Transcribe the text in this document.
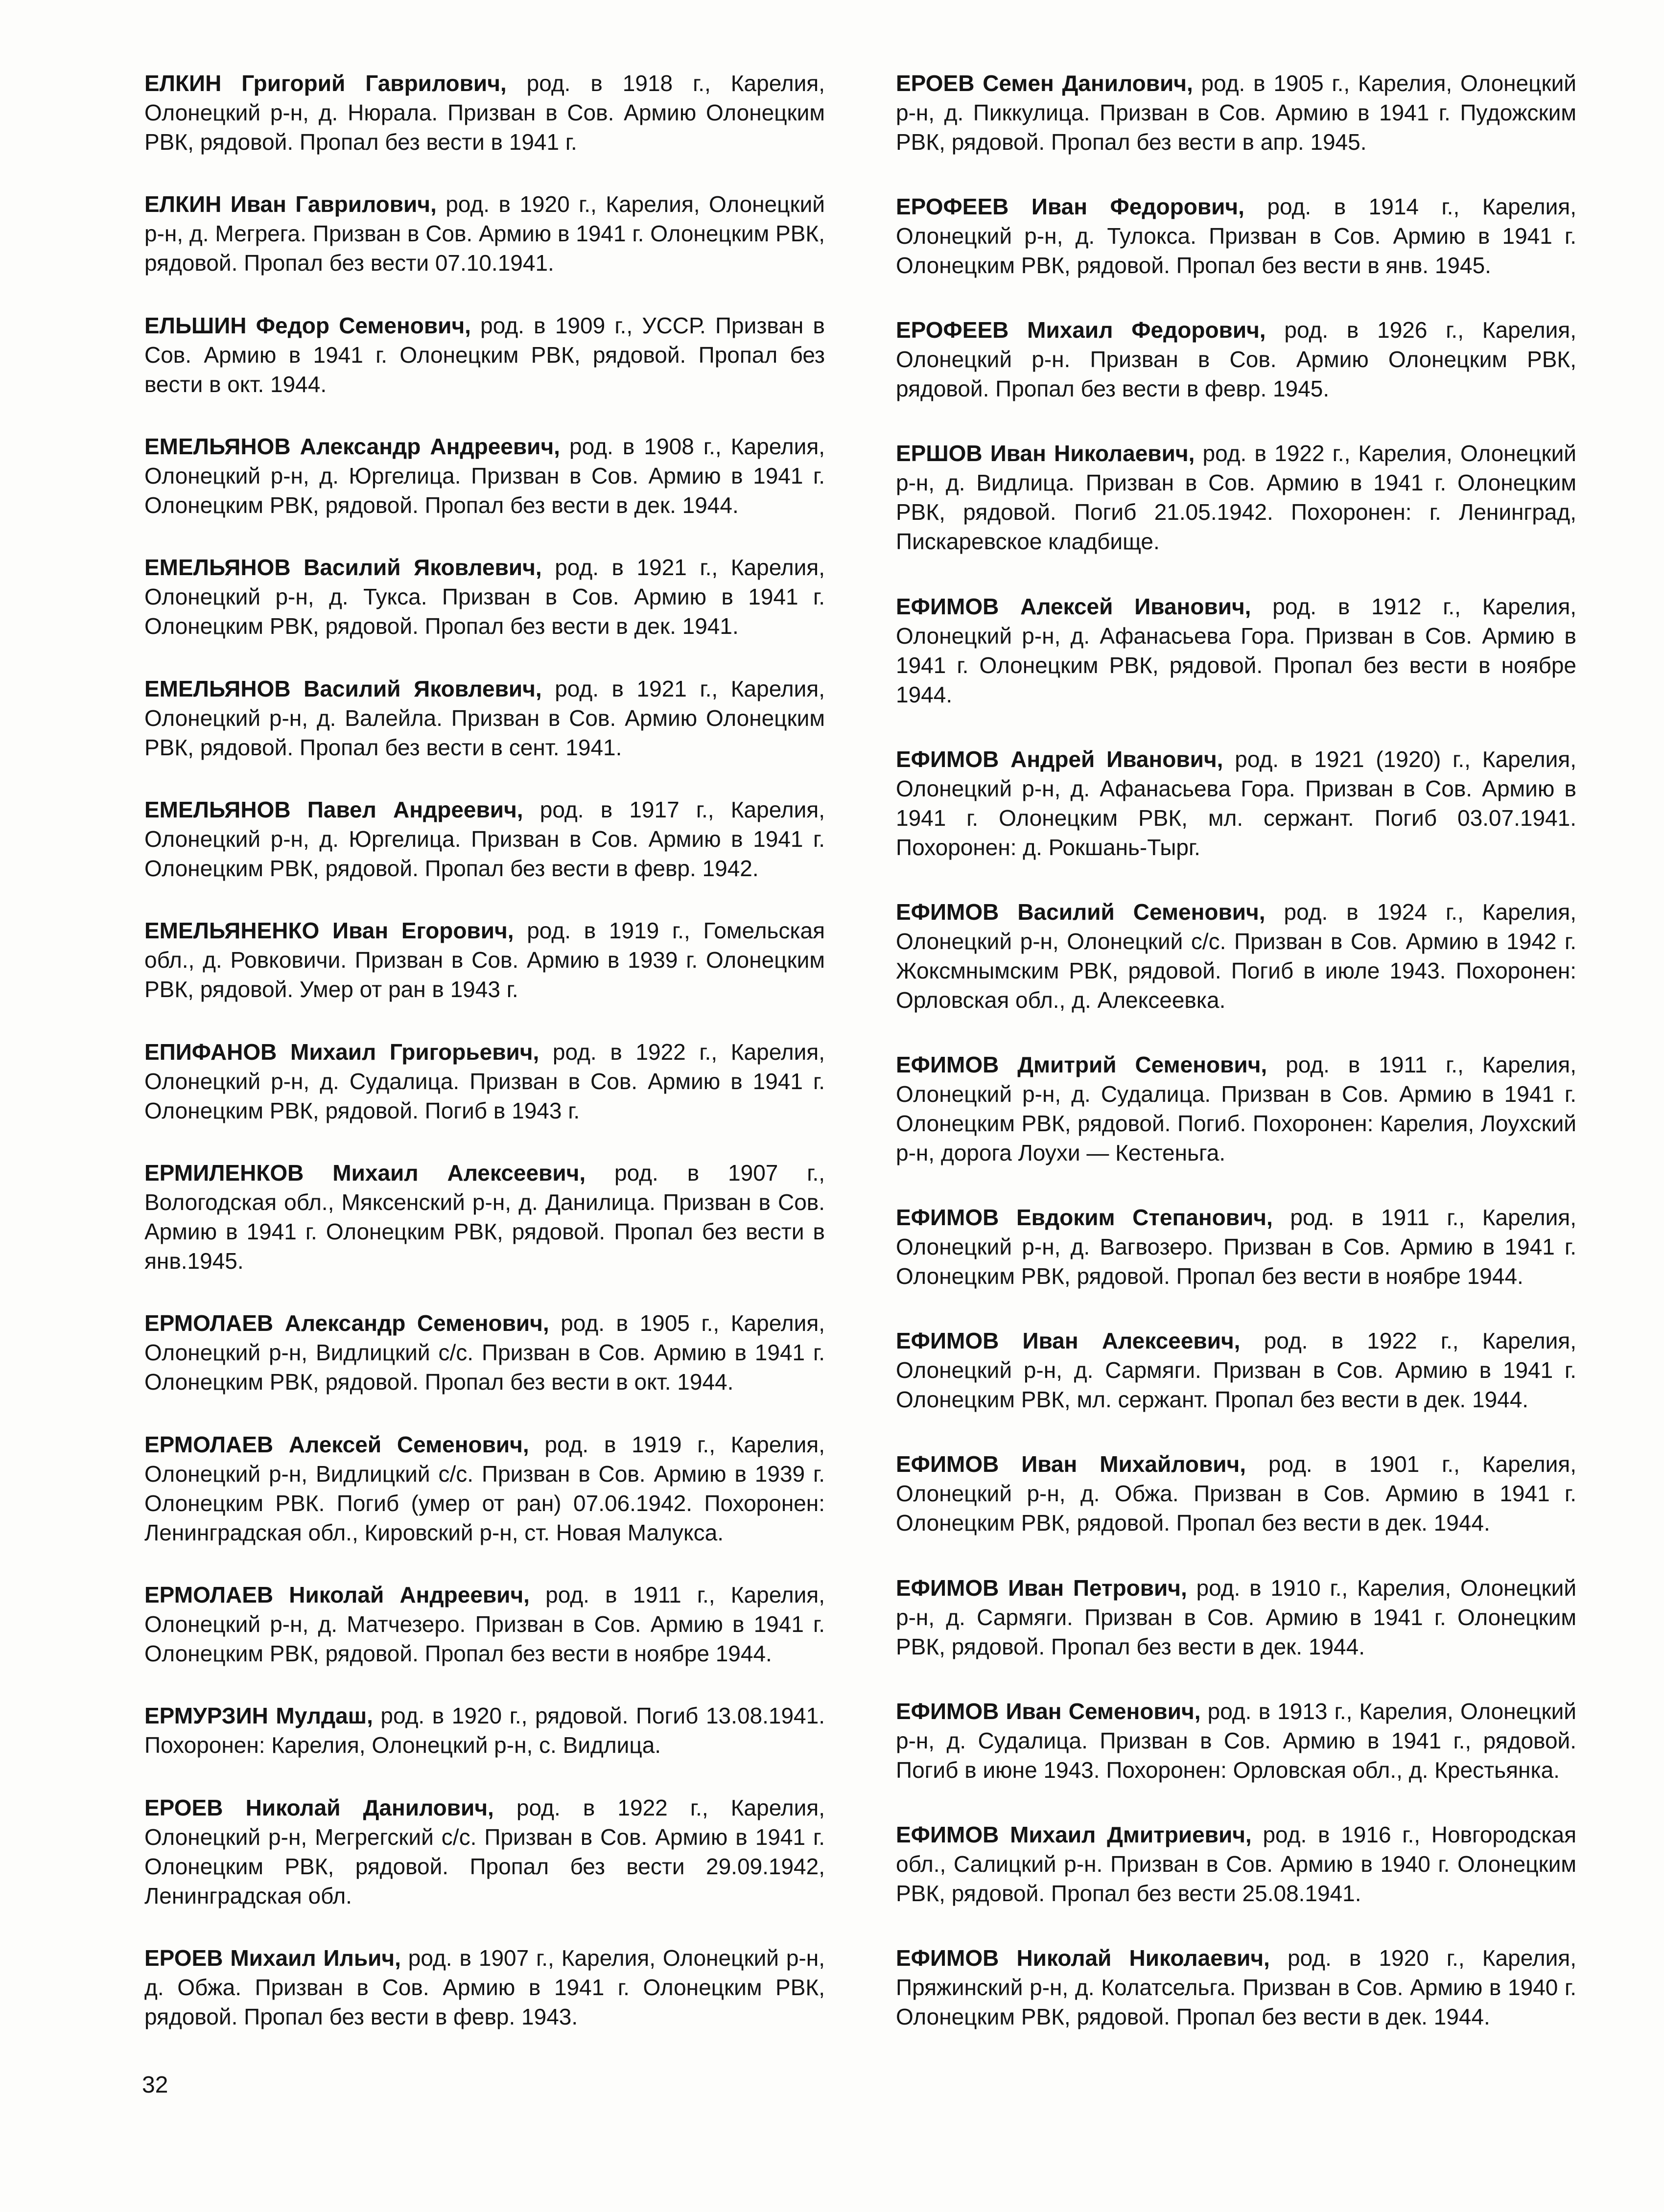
ЕЛКИН Григорий Гаврилович, род. в 1918 г., Карелия, Олонецкий р-н, д. Нюрала. Призван в Сов. Армию Олонецким РВК, рядовой. Пропал без вести в 1941 г.

ЕЛКИН Иван Гаврилович, род. в 1920 г., Карелия, Олонецкий р-н, д. Мегрега. Призван в Сов. Армию в 1941 г. Олонецким РВК, рядовой. Пропал без вести 07.10.1941.

ЕЛЬШИН Федор Семенович, род. в 1909 г., УССР. Призван в Сов. Армию в 1941 г. Олонецким РВК, рядовой. Пропал без вести в окт. 1944.

ЕМЕЛЬЯНОВ Александр Андреевич, род. в 1908 г., Карелия, Олонецкий р-н, д. Юргелица. Призван в Сов. Армию в 1941 г. Олонецким РВК, рядовой. Пропал без вести в дек. 1944.

ЕМЕЛЬЯНОВ Василий Яковлевич, род. в 1921 г., Карелия, Олонецкий р-н, д. Тукса. Призван в Сов. Армию в 1941 г. Олонецким РВК, рядовой. Пропал без вести в дек. 1941.

ЕМЕЛЬЯНОВ Василий Яковлевич, род. в 1921 г., Карелия, Олонецкий р-н, д. Валейла. Призван в Сов. Армию Олонецким РВК, рядовой. Пропал без вести в сент. 1941.

ЕМЕЛЬЯНОВ Павел Андреевич, род. в 1917 г., Карелия, Олонецкий р-н, д. Юргелица. Призван в Сов. Армию в 1941 г. Олонецким РВК, рядовой. Пропал без вести в февр. 1942.

ЕМЕЛЬЯНЕНКО Иван Егорович, род. в 1919 г., Гомельская обл., д. Ровковичи. Призван в Сов. Армию в 1939 г. Олонецким РВК, рядовой. Умер от ран в 1943 г.

ЕПИФАНОВ Михаил Григорьевич, род. в 1922 г., Карелия, Олонецкий р-н, д. Судалица. Призван в Сов. Армию в 1941 г. Олонецким РВК, рядовой. Погиб в 1943 г.

ЕРМИЛЕНКОВ Михаил Алексеевич, род. в 1907 г., Вологодская обл., Мяксенский р-н, д. Данилица. Призван в Сов. Армию в 1941 г. Олонецким РВК, рядовой. Пропал без вести в янв.1945.

ЕРМОЛАЕВ Александр Семенович, род. в 1905 г., Карелия, Олонецкий р-н, Видлицкий с/с. Призван в Сов. Армию в 1941 г. Олонецким РВК, рядовой. Пропал без вести в окт. 1944.

ЕРМОЛАЕВ Алексей Семенович, род. в 1919 г., Карелия, Олонецкий р-н, Видлицкий с/с. Призван в Сов. Армию в 1939 г. Олонецким РВК. Погиб (умер от ран) 07.06.1942. Похоронен: Ленинградская обл., Кировский р-н, ст. Новая Малукса.

ЕРМОЛАЕВ Николай Андреевич, род. в 1911 г., Карелия, Олонецкий р-н, д. Матчезеро. Призван в Сов. Армию в 1941 г. Олонецким РВК, рядовой. Пропал без вести в ноябре 1944.

ЕРМУРЗИН Мулдаш, род. в 1920 г., рядовой. Погиб 13.08.1941. Похоронен: Карелия, Олонецкий р-н, с. Видлица.

ЕРОЕВ Николай Данилович, род. в 1922 г., Карелия, Олонецкий р-н, Мегрегский с/с. Призван в Сов. Армию в 1941 г. Олонецким РВК, рядовой. Пропал без вести 29.09.1942, Ленинградская обл.

ЕРОЕВ Михаил Ильич, род. в 1907 г., Карелия, Олонецкий р-н, д. Обжа. Призван в Сов. Армию в 1941 г. Олонецким РВК, рядовой. Пропал без вести в февр. 1943.

ЕРОЕВ Семен Данилович, род. в 1905 г., Карелия, Олонецкий р-н, д. Пиккулица. Призван в Сов. Армию в 1941 г. Пудожским РВК, рядовой. Пропал без вести в апр. 1945.

ЕРОФЕЕВ Иван Федорович, род. в 1914 г., Карелия, Олонецкий р-н, д. Тулокса. Призван в Сов. Армию в 1941 г. Олонецким РВК, рядовой. Пропал без вести в янв. 1945.

ЕРОФЕЕВ Михаил Федорович, род. в 1926 г., Карелия, Олонецкий р-н. Призван в Сов. Армию Олонецким РВК, рядовой. Пропал без вести в февр. 1945.

ЕРШОВ Иван Николаевич, род. в 1922 г., Карелия, Олонецкий р-н, д. Видлица. Призван в Сов. Армию в 1941 г. Олонецким РВК, рядовой. Погиб 21.05.1942. Похоронен: г. Ленинград, Пискаревское кладбище.

ЕФИМОВ Алексей Иванович, род. в 1912 г., Карелия, Олонецкий р-н, д. Афанасьева Гора. Призван в Сов. Армию в 1941 г. Олонецким РВК, рядовой. Пропал без вести в ноябре 1944.

ЕФИМОВ Андрей Иванович, род. в 1921 (1920) г., Карелия, Олонецкий р-н, д. Афанасьева Гора. Призван в Сов. Армию в 1941 г. Олонецким РВК, мл. сержант. Погиб 03.07.1941. Похоронен: д. Рокшань-Тырг.

ЕФИМОВ Василий Семенович, род. в 1924 г., Карелия, Олонецкий р-н, Олонецкий с/с. Призван в Сов. Армию в 1942 г. Жоксмнымским РВК, рядовой. Погиб в июле 1943. Похоронен: Орловская обл., д. Алексеевка.

ЕФИМОВ Дмитрий Семенович, род. в 1911 г., Карелия, Олонецкий р-н, д. Судалица. Призван в Сов. Армию в 1941 г. Олонецким РВК, рядовой. Погиб. Похоронен: Карелия, Лоухский р-н, дорога Лоухи — Кестеньга.

ЕФИМОВ Евдоким Степанович, род. в 1911 г., Карелия, Олонецкий р-н, д. Вагвозеро. Призван в Сов. Армию в 1941 г. Олонецким РВК, рядовой. Пропал без вести в ноябре 1944.

ЕФИМОВ Иван Алексеевич, род. в 1922 г., Карелия, Олонецкий р-н, д. Сармяги. Призван в Сов. Армию в 1941 г. Олонецким РВК, мл. сержант. Пропал без вести в дек. 1944.

ЕФИМОВ Иван Михайлович, род. в 1901 г., Карелия, Олонецкий р-н, д. Обжа. Призван в Сов. Армию в 1941 г. Олонецким РВК, рядовой. Пропал без вести в дек. 1944.

ЕФИМОВ Иван Петрович, род. в 1910 г., Карелия, Олонецкий р-н, д. Сармяги. Призван в Сов. Армию в 1941 г. Олонецким РВК, рядовой. Пропал без вести в дек. 1944.

ЕФИМОВ Иван Семенович, род. в 1913 г., Карелия, Олонецкий р-н, д. Судалица. Призван в Сов. Армию в 1941 г., рядовой. Погиб в июне 1943. Похоронен: Орловская обл., д. Крестьянка.

ЕФИМОВ Михаил Дмитриевич, род. в 1916 г., Новгородская обл., Салицкий р-н. Призван в Сов. Армию в 1940 г. Олонецким РВК, рядовой. Пропал без вести 25.08.1941.

ЕФИМОВ Николай Николаевич, род. в 1920 г., Карелия, Пряжинский р-н, д. Колатсельга. Призван в Сов. Армию в 1940 г. Олонецким РВК, рядовой. Пропал без вести в дек. 1944.

32
